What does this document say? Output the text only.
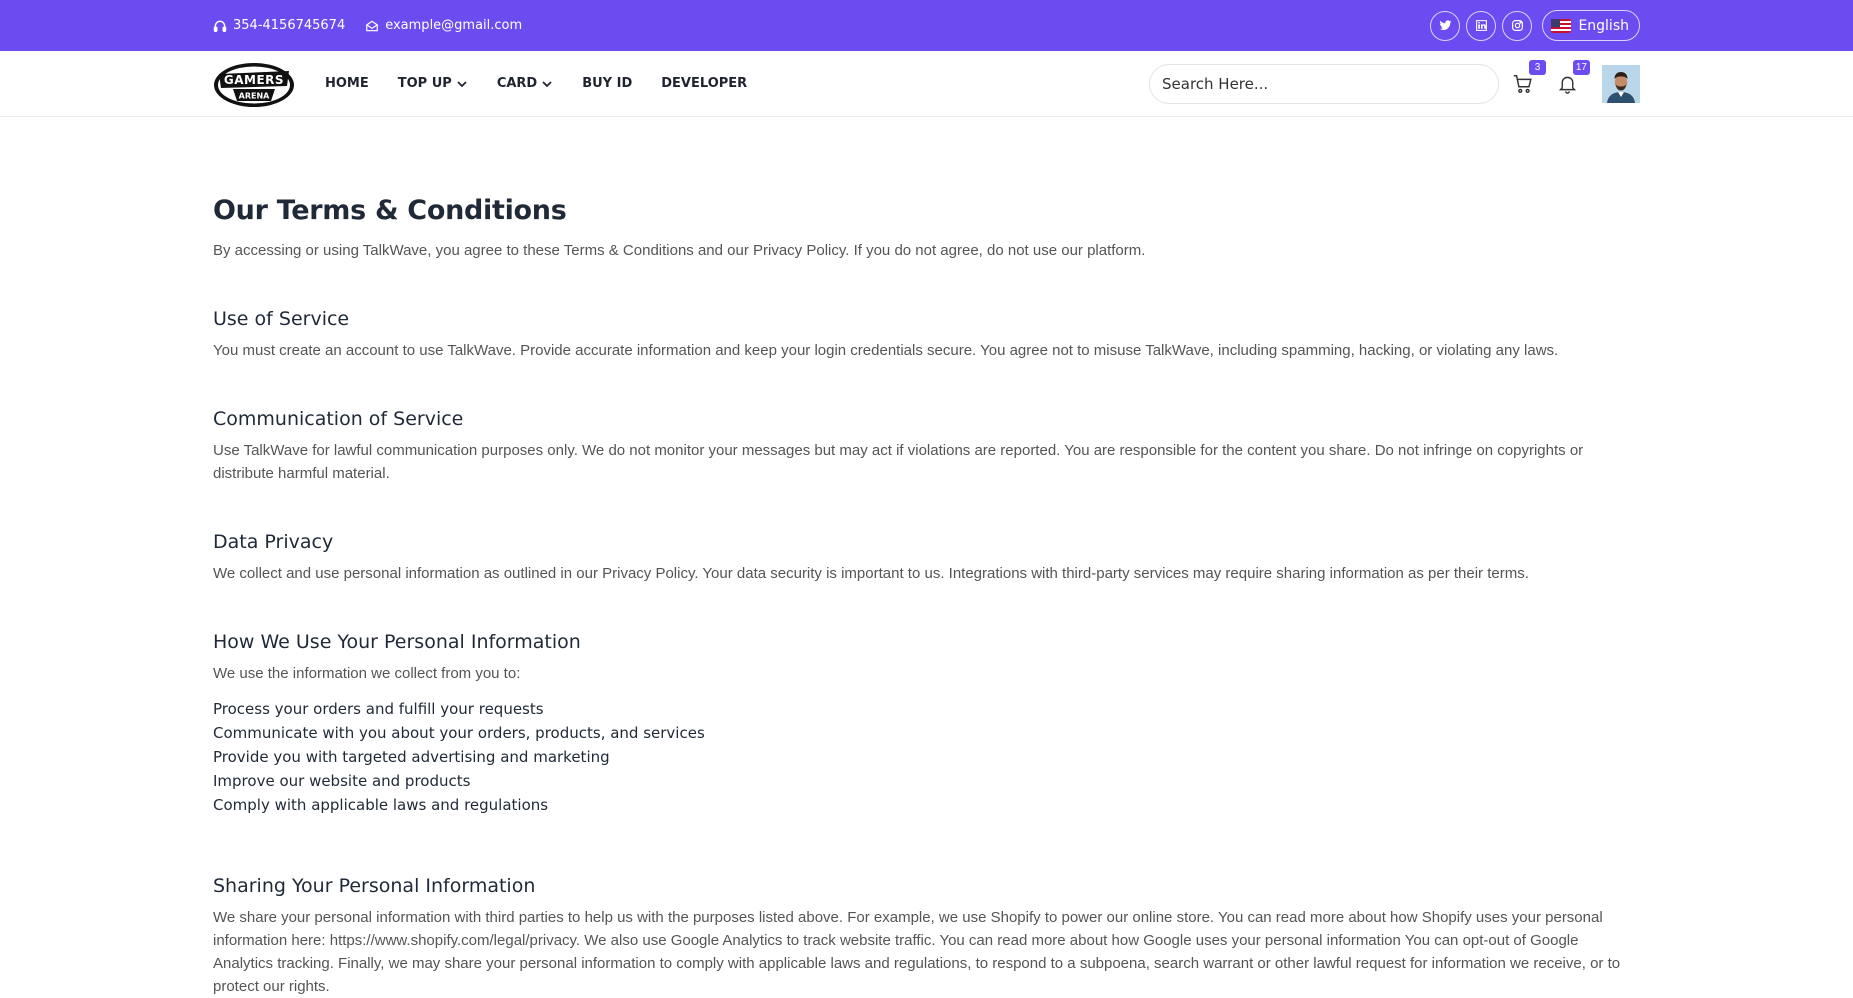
354-4156745674	example@gmail.com	English
GAMERS
ARENA
HOME TOP UP	CARD	BUY ID DEVELOPER
Search Here...
3	17
Our Terms & Conditions

By accessing or using TalkWave, you agree to these Terms & Conditions and our Privacy Policy. If you do not agree, do not use our platform.

Use of Service

You must create an account to use TalkWave. Provide accurate information and keep your login credentials secure. You agree not to misuse TalkWave, including spamming, hacking, or violating any laws.

Communication of Service

Use TalkWave for lawful communication purposes only. We do not monitor your messages but may act if violations are reported. You are responsible for the content you share. Do not infringe on copyrights or distribute harmful material.

Data Privacy

We collect and use personal information as outlined in our Privacy Policy. Your data security is important to us. Integrations with third-party services may require sharing information as per their terms.

How We Use Your Personal Information

We use the information we collect from you to:

Process your orders and fulfill your requests
Communicate with you about your orders, products, and services
Provide you with targeted advertising and marketing
Improve our website and products
Comply with applicable laws and regulations
Sharing Your Personal Information

We share your personal information with third parties to help us with the purposes listed above. For example, we use Shopify to power our online store. You can read more about how Shopify uses your personal information here: https://www.shopify.com/legal/privacy. We also use Google Analytics to track website traffic. You can read more about how Google uses your personal information You can opt-out of Google Analytics tracking. Finally, we may share your personal information to comply with applicable laws and regulations, to respond to a subpoena, search warrant or other lawful request for information we receive, or to protect our rights.
